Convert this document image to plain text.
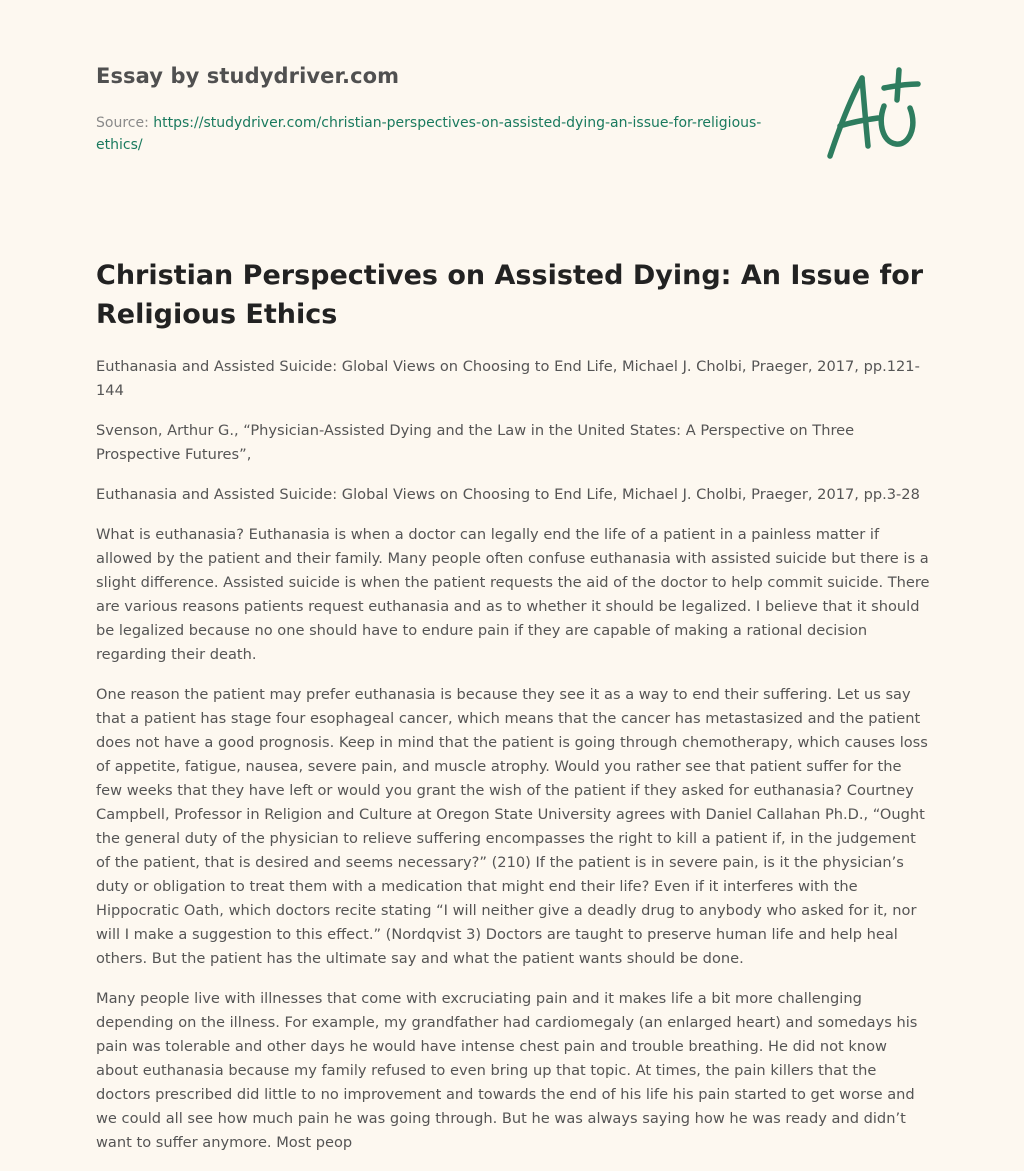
Essay by studydriver.com
Source: https://studydriver.com/christian-perspectives-on-assisted-dying-an-issue-for-religious-ethics/
Christian Perspectives on Assisted Dying: An Issue for Religious Ethics

Euthanasia and Assisted Suicide: Global Views on Choosing to End Life, Michael J. Cholbi, Praeger, 2017, pp.121-144

Svenson, Arthur G., “Physician-Assisted Dying and the Law in the United States: A Perspective on Three Prospective Futures”,

Euthanasia and Assisted Suicide: Global Views on Choosing to End Life, Michael J. Cholbi, Praeger, 2017, pp.3-28

What is euthanasia? Euthanasia is when a doctor can legally end the life of a patient in a painless matter if allowed by the patient and their family. Many people often confuse euthanasia with assisted suicide but there is a slight difference. Assisted suicide is when the patient requests the aid of the doctor to help commit suicide. There are various reasons patients request euthanasia and as to whether it should be legalized. I believe that it should be legalized because no one should have to endure pain if they are capable of making a rational decision regarding their death.

One reason the patient may prefer euthanasia is because they see it as a way to end their suffering. Let us say that a patient has stage four esophageal cancer, which means that the cancer has metastasized and the patient does not have a good prognosis. Keep in mind that the patient is going through chemotherapy, which causes loss of appetite, fatigue, nausea, severe pain, and muscle atrophy. Would you rather see that patient suffer for the few weeks that they have left or would you grant the wish of the patient if they asked for euthanasia? Courtney Campbell, Professor in Religion and Culture at Oregon State University agrees with Daniel Callahan Ph.D., “Ought the general duty of the physician to relieve suffering encompasses the right to kill a patient if, in the judgement of the patient, that is desired and seems necessary?” (210) If the patient is in severe pain, is it the physician’s duty or obligation to treat them with a medication that might end their life? Even if it interferes with the Hippocratic Oath, which doctors recite stating “I will neither give a deadly drug to anybody who asked for it, nor will I make a suggestion to this effect.” (Nordqvist 3) Doctors are taught to preserve human life and help heal others. But the patient has the ultimate say and what the patient wants should be done.

Many people live with illnesses that come with excruciating pain and it makes life a bit more challenging depending on the illness. For example, my grandfather had cardiomegaly (an enlarged heart) and somedays his pain was tolerable and other days he would have intense chest pain and trouble breathing. He did not know about euthanasia because my family refused to even bring up that topic. At times, the pain killers that the doctors prescribed did little to no improvement and towards the end of his life his pain started to get worse and we could all see how much pain he was going through. But he was always saying how he was ready and didn’t want to suffer anymore. Most peop
